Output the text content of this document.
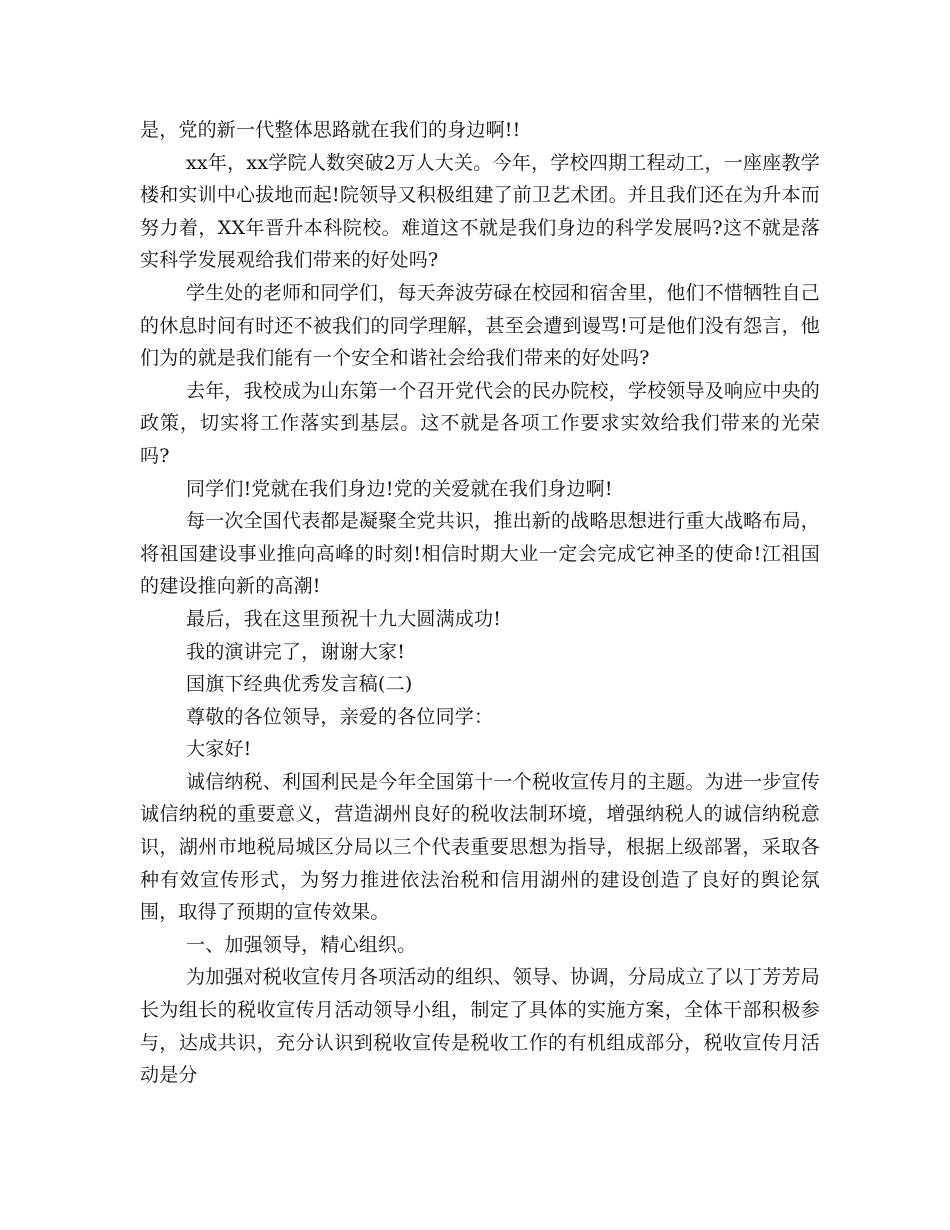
是，党的新一代整体思路就在我们的身边啊!!

xx年，xx学院人数突破2万人大关。今年，学校四期工程动工，一座座教学楼和实训中心拔地而起!院领导又积极组建了前卫艺术团。并且我们还在为升本而努力着，XX年晋升本科院校。难道这不就是我们身边的科学发展吗?这不就是落实科学发展观给我们带来的好处吗?

学生处的老师和同学们，每天奔波劳碌在校园和宿舍里，他们不惜牺牲自己的休息时间有时还不被我们的同学理解，甚至会遭到谩骂!可是他们没有怨言，他们为的就是我们能有一个安全和谐社会给我们带来的好处吗?

去年，我校成为山东第一个召开党代会的民办院校，学校领导及响应中央的政策，切实将工作落实到基层。这不就是各项工作要求实效给我们带来的光荣吗?

同学们!党就在我们身边!党的关爱就在我们身边啊!

每一次全国代表都是凝聚全党共识，推出新的战略思想进行重大战略布局，将祖国建设事业推向高峰的时刻!相信时期大业一定会完成它神圣的使命!江祖国的建设推向新的高潮!

最后，我在这里预祝十九大圆满成功!

我的演讲完了，谢谢大家!

国旗下经典优秀发言稿(二)

尊敬的各位领导，亲爱的各位同学：

大家好!

诚信纳税、利国利民是今年全国第十一个税收宣传月的主题。为进一步宣传诚信纳税的重要意义，营造湖州良好的税收法制环境，增强纳税人的诚信纳税意识，湖州市地税局城区分局以三个代表重要思想为指导，根据上级部署，采取各种有效宣传形式，为努力推进依法治税和信用湖州的建设创造了良好的舆论氛围，取得了预期的宣传效果。

一、加强领导，精心组织。

为加强对税收宣传月各项活动的组织、领导、协调，分局成立了以丁芳芳局长为组长的税收宣传月活动领导小组，制定了具体的实施方案，全体干部积极参与，达成共识，充分认识到税收宣传是税收工作的有机组成部分，税收宣传月活动是分
